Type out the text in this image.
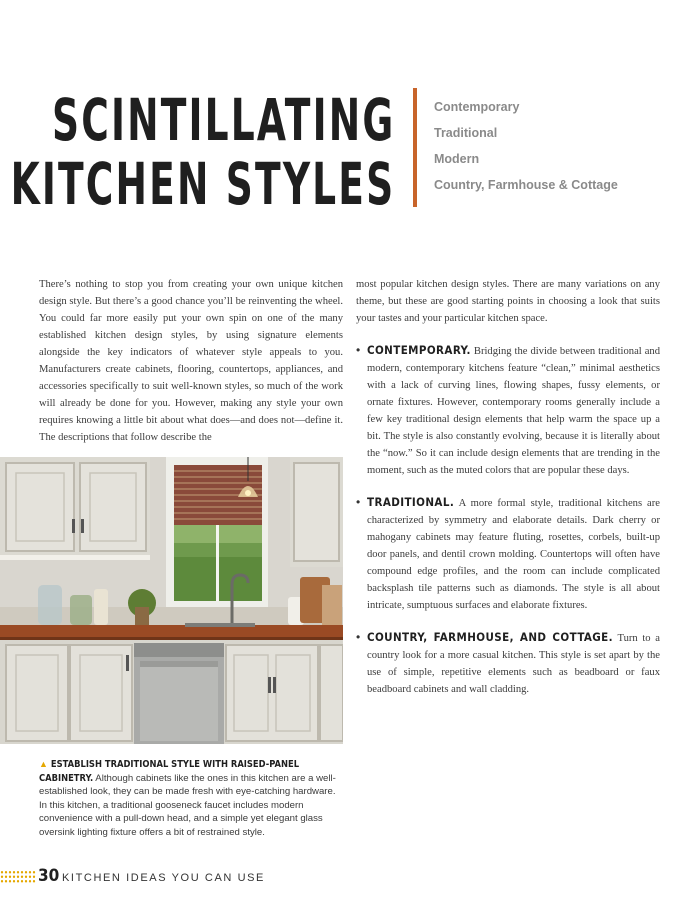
SCINTILLATING
KITCHEN STYLES
Contemporary
Traditional
Modern
Country, Farmhouse & Cottage

There’s nothing to stop you from creating your own unique kitchen design style. But there’s a good chance you’ll be reinventing the wheel. You could far more easily put your own spin on one of the many established kitchen design styles, by using signature elements alongside the key indicators of whatever style appeals to you. Manufacturers create cabinets, flooring, countertops, appliances, and accessories specifically to suit well-known styles, so much of the work will already be done for you. However, making any style your own requires knowing a little bit about what does—and does not—define it. The descriptions that follow describe the

▲ ESTABLISH TRADITIONAL STYLE WITH RAISED-PANEL CABINETRY. Although cabinets like the ones in this kitchen are a well-established look, they can be made fresh with eye-catching hardware. In this kitchen, a traditional gooseneck faucet includes modern convenience with a pull-down head, and a simple yet elegant glass oversink lighting fixture offers a bit of restrained style.

most popular kitchen design styles. There are many variations on any theme, but these are good starting points in choosing a look that suits your tastes and your particular kitchen space.

• CONTEMPORARY. Bridging the divide between traditional and modern, contemporary kitchens feature “clean,” minimal aesthetics with a lack of curving lines, flowing shapes, fussy elements, or ornate fixtures. However, contemporary rooms generally include a few key traditional design elements that help warm the space up a bit. The style is also constantly evolving, because it is literally about the “now.” So it can include design elements that are trending in the moment, such as the muted colors that are popular these days.
• TRADITIONAL. A more formal style, traditional kitchens are characterized by symmetry and elaborate details. Dark cherry or mahogany cabinets may feature fluting, rosettes, corbels, built-up door panels, and dentil crown molding. Countertops will often have compound edge profiles, and the room can include complicated backsplash tile patterns such as diamonds. The style is all about intricate, sumptuous surfaces and elaborate fixtures.
• COUNTRY, FARMHOUSE, AND COTTAGE. Turn to a country look for a more casual kitchen. This style is set apart by the use of simple, repetitive elements such as beadboard or faux beadboard cabinets and wall cladding.
30 KITCHEN IDEAS YOU CAN USE
